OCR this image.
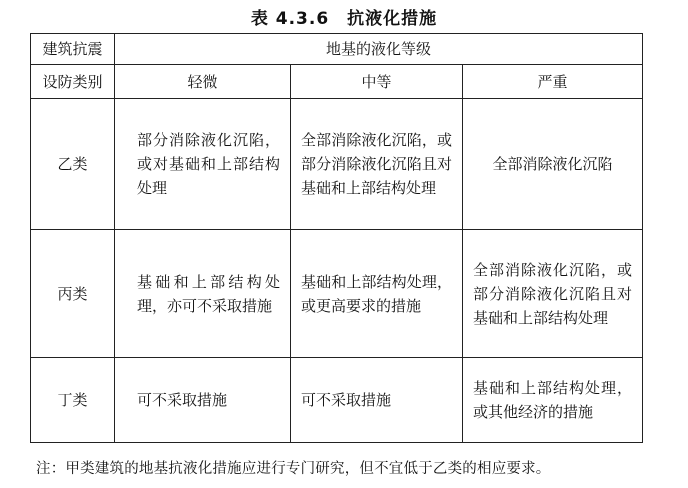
表 4.3.6 抗液化措施
建筑抗震	地基的液化等级		
设防类别	轻微	中等	严重
乙类	部分消除液化沉陷，或对基础和上部结构处理	全部消除液化沉陷，或部分消除液化沉陷且对基础和上部结构处理	全部消除液化沉陷
丙类	基础和上部结构处理，亦可不采取措施	基础和上部结构处理，或更高要求的措施	全部消除液化沉陷，或部分消除液化沉陷且对基础和上部结构处理

丁类	可不采取措施	可不采取措施	基础和上部结构处理，或其他经济的措施
注：甲类建筑的地基抗液化措施应进行专门研究，但不宜低于乙类的相应要求。
